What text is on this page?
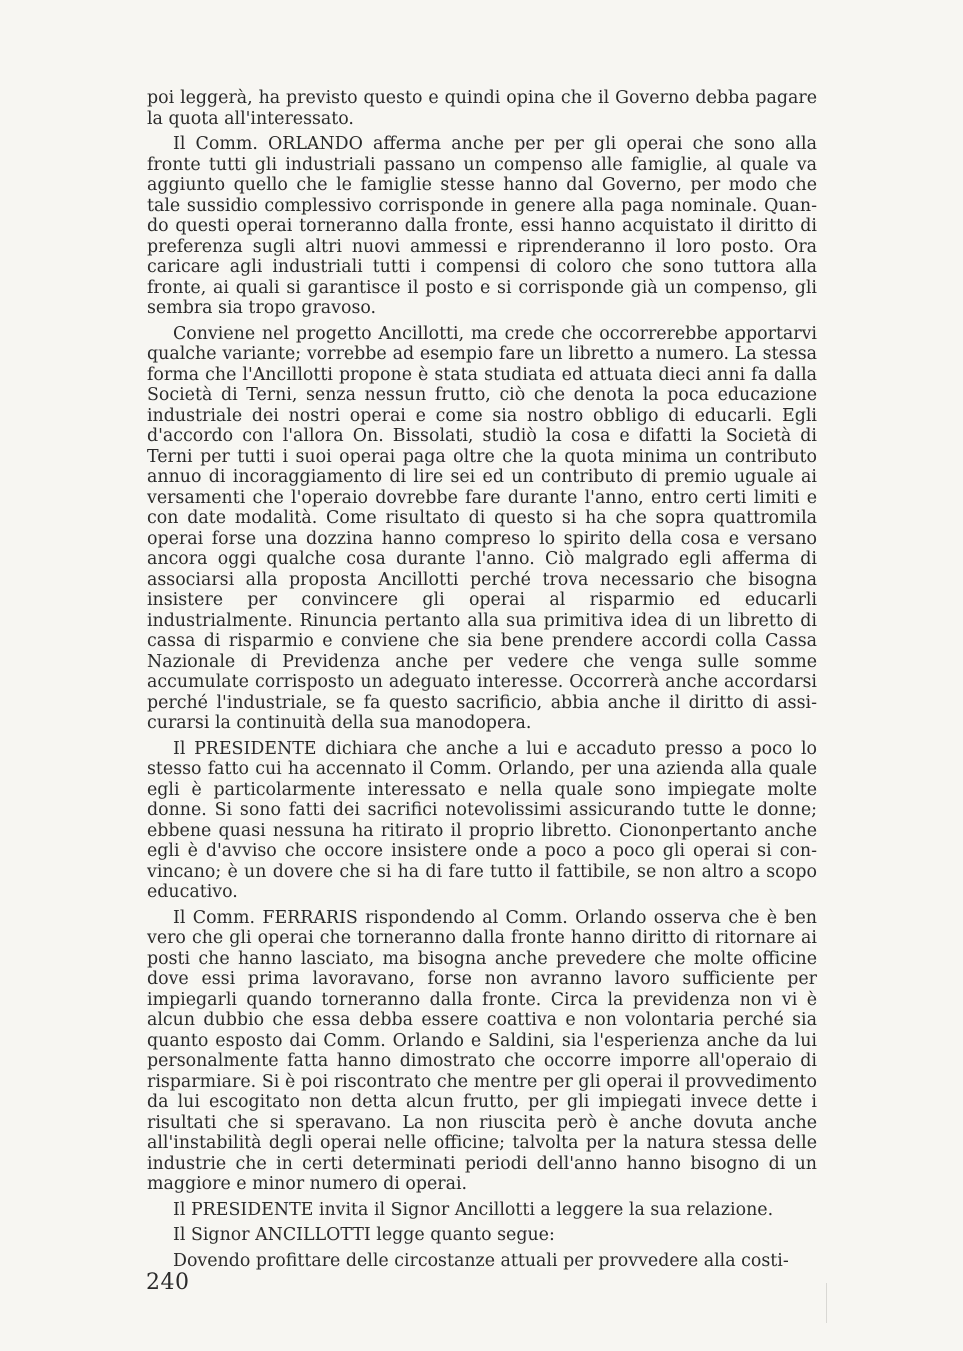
poi leggerà, ha previsto questo e quindi opina che il Governo debba pagare la quota all'interessato.

Il Comm. ORLANDO afferma anche per per gli operai che sono alla fronte tutti gli industriali passano un compenso alle famiglie, al quale va aggiunto quello che le famiglie stesse hanno dal Governo, per modo che tale sussidio complessivo corrisponde in genere alla paga nominale. Quando questi operai torneranno dalla fronte, essi hanno acquistato il diritto di preferenza sugli altri nuovi ammessi e riprenderanno il loro posto. Ora caricare agli industriali tutti i compensi di coloro che sono tuttora alla fronte, ai quali si garantisce il posto e si corrisponde già un compenso, gli sembra sia tropo gravoso.

Conviene nel progetto Ancillotti, ma crede che occorrerebbe apportarvi qualche variante; vorrebbe ad esempio fare un libretto a numero. La stessa forma che l'Ancillotti propone è stata studiata ed attuata dieci anni fa dalla Società di Terni, senza nessun frutto, ciò che denota la poca educazione industriale dei nostri operai e come sia nostro obbligo di educarli. Egli d'accordo con l'allora On. Bissolati, studiò la cosa e difatti la Società di Terni per tutti i suoi operai paga oltre che la quota minima un contributo annuo di incoraggiamento di lire sei ed un contributo di premio uguale ai versamenti che l'operaio dovrebbe fare durante l'anno, entro certi limiti e con date modalità. Come risultato di questo si ha che sopra quattromila operai forse una dozzina hanno compreso lo spirito della cosa e versano ancora oggi qualche cosa durante l'anno. Ciò malgrado egli afferma di associarsi alla proposta Ancillotti perché trova necessario che bisogna insistere per convincere gli operai al risparmio ed educarli industrialmente. Rinuncia pertanto alla sua primitiva idea di un libretto di cassa di risparmio e conviene che sia bene prendere accordi colla Cassa Nazionale di Previdenza anche per vedere che venga sulle somme accumulate corrisposto un adeguato interesse. Occorrerà anche accordarsi perché l'industriale, se fa questo sacrificio, abbia anche il diritto di assicurarsi la continuità della sua manodopera.

Il PRESIDENTE dichiara che anche a lui e accaduto presso a poco lo stesso fatto cui ha accennato il Comm. Orlando, per una azienda alla quale egli è particolarmente interessato e nella quale sono impiegate molte donne. Si sono fatti dei sacrifici notevolissimi assicurando tutte le donne; ebbene quasi nessuna ha ritirato il proprio libretto. Ciononpertanto anche egli è d'avviso che occore insistere onde a poco a poco gli operai si convincano; è un dovere che si ha di fare tutto il fattibile, se non altro a scopo educativo.

Il Comm. FERRARIS rispondendo al Comm. Orlando osserva che è ben vero che gli operai che torneranno dalla fronte hanno diritto di ritornare ai posti che hanno lasciato, ma bisogna anche prevedere che molte officine dove essi prima lavoravano, forse non avranno lavoro sufficiente per impiegarli quando torneranno dalla fronte. Circa la previdenza non vi è alcun dubbio che essa debba essere coattiva e non volontaria perché sia quanto esposto dai Comm. Orlando e Saldini, sia l'esperienza anche da lui personalmente fatta hanno dimostrato che occorre imporre all'operaio di risparmiare. Si è poi riscontrato che mentre per gli operai il provvedimento da lui escogitato non detta alcun frutto, per gli impiegati invece dette i risultati che si speravano. La non riuscita però è anche dovuta anche all'instabilità degli operai nelle officine; talvolta per la natura stessa delle industrie che in certi determinati periodi dell'anno hanno bisogno di un maggiore e minor numero di operai.

Il PRESIDENTE invita il Signor Ancillotti a leggere la sua relazione.

Il Signor ANCILLOTTI legge quanto segue:

Dovendo profittare delle circostanze attuali per provvedere alla costi-

240
